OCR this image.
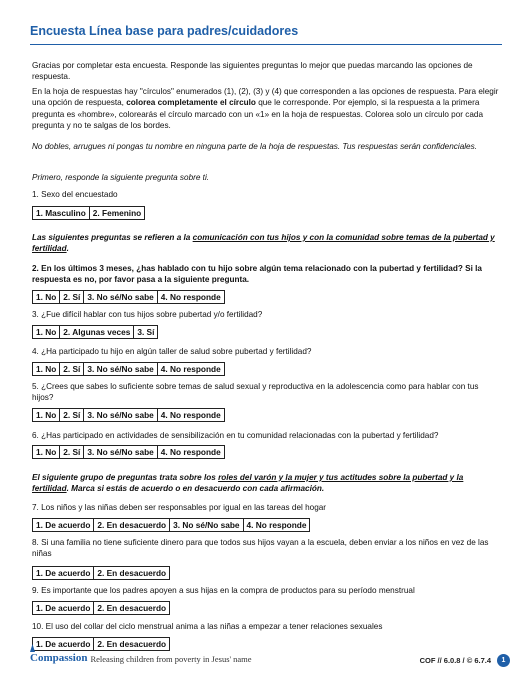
Encuesta Línea base para padres/cuidadores
Gracias por completar esta encuesta. Responde las siguientes preguntas lo mejor que puedas marcando las opciones de respuesta.
En la hoja de respuestas hay "círculos" enumerados (1), (2), (3) y (4) que corresponden a las opciones de respuesta. Para elegir una opción de respuesta, colorea completamente el círculo que le corresponde. Por ejemplo, si la respuesta a la primera pregunta es «hombre», colorearás el círculo marcado con un «1» en la hoja de respuestas. Colorea solo un círculo por cada pregunta y no te salgas de los bordes.
No dobles, arrugues ni pongas tu nombre en ninguna parte de la hoja de respuestas. Tus respuestas serán confidenciales.
Primero, responde la siguiente pregunta sobre ti.
1. Sexo del encuestado
1. Masculino 2. Femenino
Las siguientes preguntas se refieren a la comunicación con tus hijos y con la comunidad sobre temas de la pubertad y fertilidad.
2. En los últimos 3 meses, ¿has hablado con tu hijo sobre algún tema relacionado con la pubertad y fertilidad? Si la respuesta es no, por favor pasa a la siguiente pregunta.
1. No 2. Sí 3. No sé/No sabe 4. No responde
3. ¿Fue difícil hablar con tus hijos sobre pubertad y/o fertilidad?
1. No 2. Algunas veces 3. Sí
4. ¿Ha participado tu hijo en algún taller de salud sobre pubertad y fertilidad?
1. No 2. Sí 3. No sé/No sabe 4. No responde
5. ¿Crees que sabes lo suficiente sobre temas de salud sexual y reproductiva en la adolescencia como para hablar con tus hijos?
1. No 2. Sí 3. No sé/No sabe 4. No responde
6. ¿Has participado en actividades de sensibilización en tu comunidad relacionadas con la pubertad y fertilidad?
1. No 2. Sí 3. No sé/No sabe 4. No responde
El siguiente grupo de preguntas trata sobre los roles del varón y la mujer y tus actitudes sobre la pubertad y la fertilidad. Marca si estás de acuerdo o en desacuerdo con cada afirmación.
7. Los niños y las niñas deben ser responsables por igual en las tareas del hogar
1. De acuerdo 2. En desacuerdo 3. No sé/No sabe 4. No responde
8. Si una familia no tiene suficiente dinero para que todos sus hijos vayan a la escuela, deben enviar a los niños en vez de las niñas
1. De acuerdo 2. En desacuerdo
9. Es importante que los padres apoyen a sus hijas en la compra de productos para su período menstrual
1. De acuerdo 2. En desacuerdo
10. El uso del collar del ciclo menstrual anima a las niñas a empezar a tener relaciones sexuales
1. De acuerdo 2. En desacuerdo
Compassion Releasing children from poverty in Jesus' name	COF // 6.0.8 / © 6.7.4	1
